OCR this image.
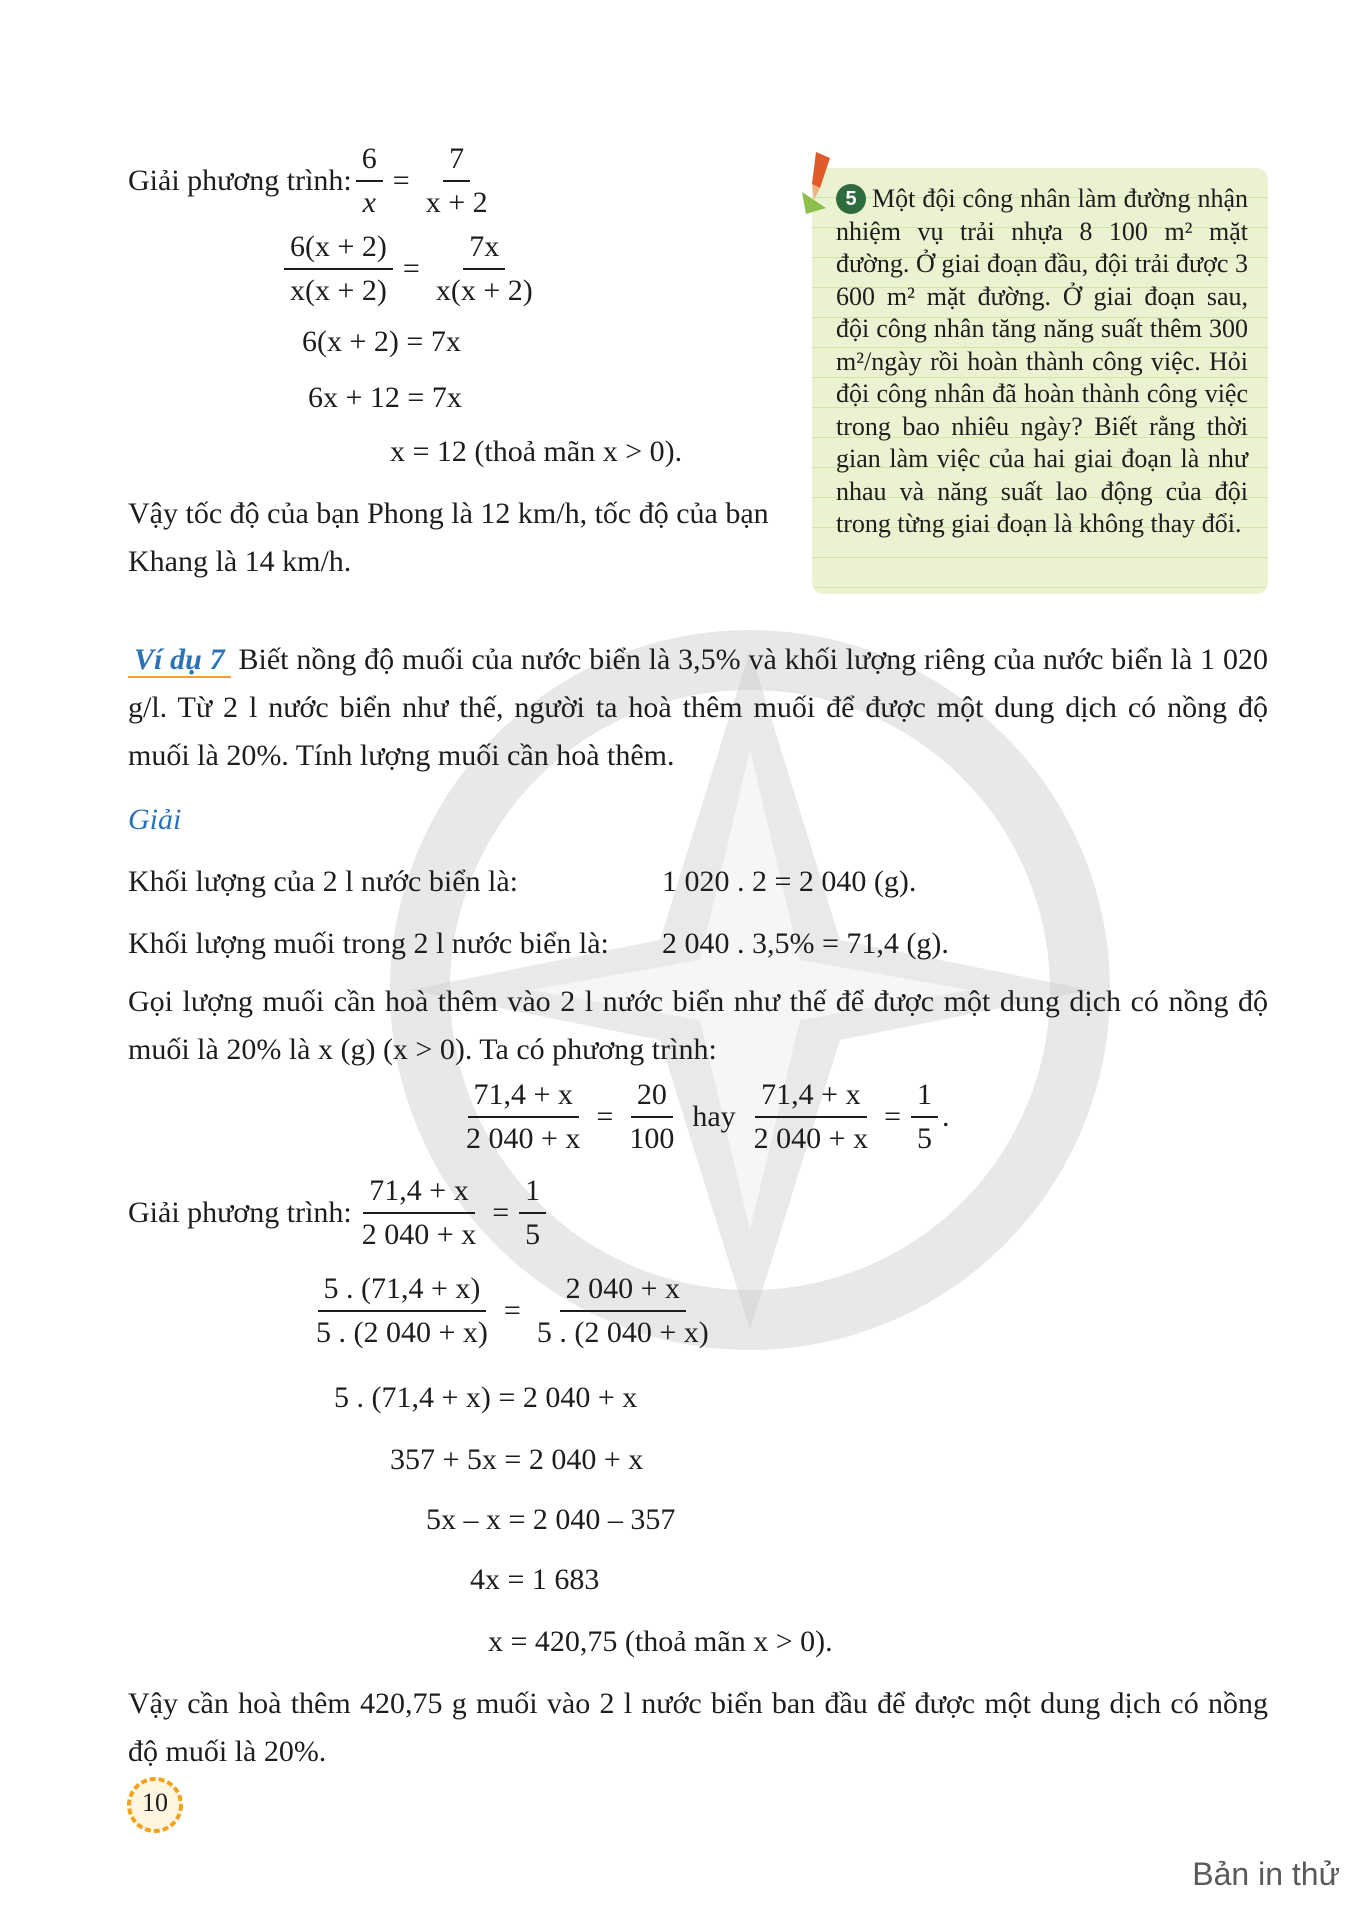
Giải phương trình: $\frac{6}{x} = \frac{7}{x + 2}$
$\frac{6(x + 2)}{x(x + 2)} = \frac{7x}{x(x + 2)}$
6(x + 2) = 7x
6x + 12 = 7x
x = 12 (thoả mãn x > 0).
Vậy tốc độ của bạn Phong là 12 km/h, tốc độ của bạn Khang là 14 km/h.
5 Một đội công nhân làm đường nhận nhiệm vụ trải nhựa 8 100 m² mặt đường. Ở giai đoạn đầu, đội trải được 3 600 m² mặt đường. Ở giai đoạn sau, đội công nhân tăng năng suất thêm 300 m²/ngày rồi hoàn thành công việc. Hỏi đội công nhân đã hoàn thành công việc trong bao nhiêu ngày? Biết rằng thời gian làm việc của hai giai đoạn là như nhau và năng suất lao động của đội trong từng giai đoạn là không thay đổi.
Ví dụ 7 Biết nồng độ muối của nước biển là 3,5% và khối lượng riêng của nước biển là 1 020 g/l. Từ 2 l nước biển như thế, người ta hoà thêm muối để được một dung dịch có nồng độ muối là 20%. Tính lượng muối cần hoà thêm.
Giải
Khối lượng của 2 l nước biển là:	1 020 . 2 = 2 040 (g).
Khối lượng muối trong 2 l nước biển là: 2 040 . 3,5% = 71,4 (g).
Gọi lượng muối cần hoà thêm vào 2 l nước biển như thế để được một dung dịch có nồng độ muối là 20% là x (g) (x > 0). Ta có phương trình:
$\frac{71,4 + x}{2 040 + x} = \frac{20}{100}$ hay $\frac{71,4 + x}{2 040 + x} = \frac{1}{5}$ .
Giải phương trình: $\frac{71,4 + x}{2 040 + x} = \frac{1}{5}$
$\frac{5 . (71,4 + x)}{5 . (2 040 + x)} = \frac{2 040 + x}{5 . (2 040 + x)}$
5 . (71,4 + x) = 2 040 + x
357 + 5x = 2 040 + x
5x – x = 2 040 – 357
4x = 1 683
x = 420,75 (thoả mãn x > 0).
Vậy cần hoà thêm 420,75 g muối vào 2 l nước biển ban đầu để được một dung dịch có nồng độ muối là 20%.
10
Bản in thử
